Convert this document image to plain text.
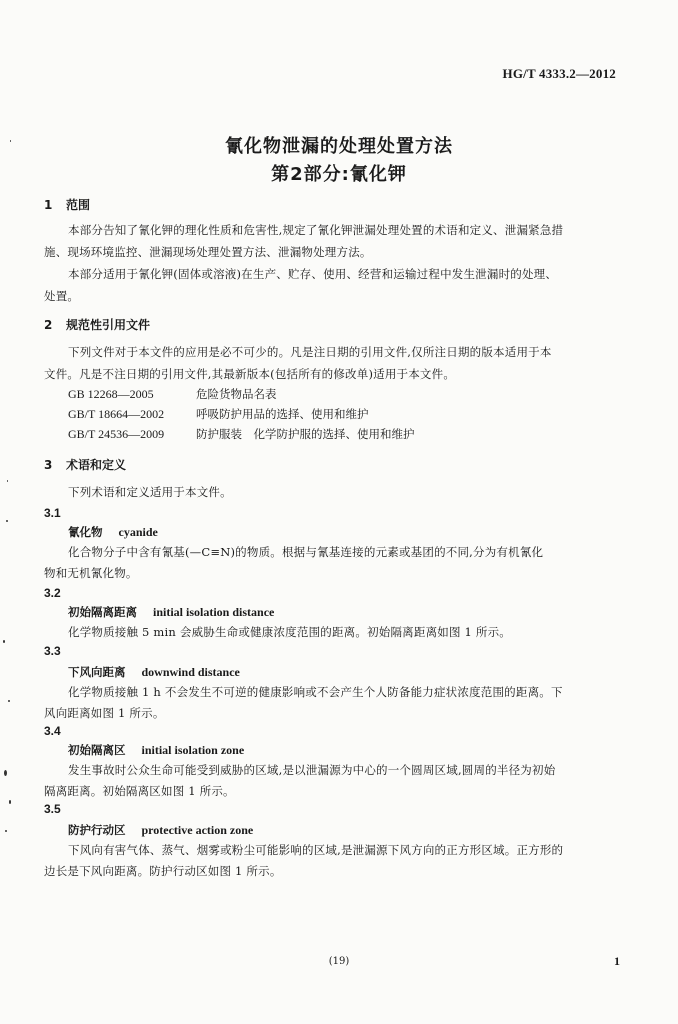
HG/T 4333.2—2012
氰化物泄漏的处理处置方法
第2部分:氰化钾
1 范围
本部分告知了氰化钾的理化性质和危害性,规定了氰化钾泄漏处理处置的术语和定义、泄漏紧急措
施、现场环境监控、泄漏现场处理处置方法、泄漏物处理方法。
本部分适用于氰化钾(固体或溶液)在生产、贮存、使用、经营和运输过程中发生泄漏时的处理、
处置。
2 规范性引用文件
下列文件对于本文件的应用是必不可少的。凡是注日期的引用文件,仅所注日期的版本适用于本
文件。凡是不注日期的引用文件,其最新版本(包括所有的修改单)适用于本文件。
GB 12268—2005	危险货物品名表
GB/T 18664—2002	呼吸防护用品的选择、使用和维护
GB/T 24536—2009	防护服装　化学防护服的选择、使用和维护
3 术语和定义
下列术语和定义适用于本文件。
3.1
氰化物 cyanide
化合物分子中含有氰基(—C≡N)的物质。根据与氰基连接的元素或基团的不同,分为有机氰化
物和无机氰化物。
3.2
初始隔离距离 initial isolation distance
化学物质接触 5 min 会威胁生命或健康浓度范围的距离。初始隔离距离如图 1 所示。
3.3
下风向距离 downwind distance
化学物质接触 1 h 不会发生不可逆的健康影响或不会产生个人防备能力症状浓度范围的距离。下
风向距离如图 1 所示。
3.4
初始隔离区 initial isolation zone
发生事故时公众生命可能受到威胁的区域,是以泄漏源为中心的一个圆周区域,圆周的半径为初始
隔离距离。初始隔离区如图 1 所示。
3.5
防护行动区 protective action zone
下风向有害气体、蒸气、烟雾或粉尘可能影响的区域,是泄漏源下风方向的正方形区域。正方形的
边长是下风向距离。防护行动区如图 1 所示。
(19)	1
